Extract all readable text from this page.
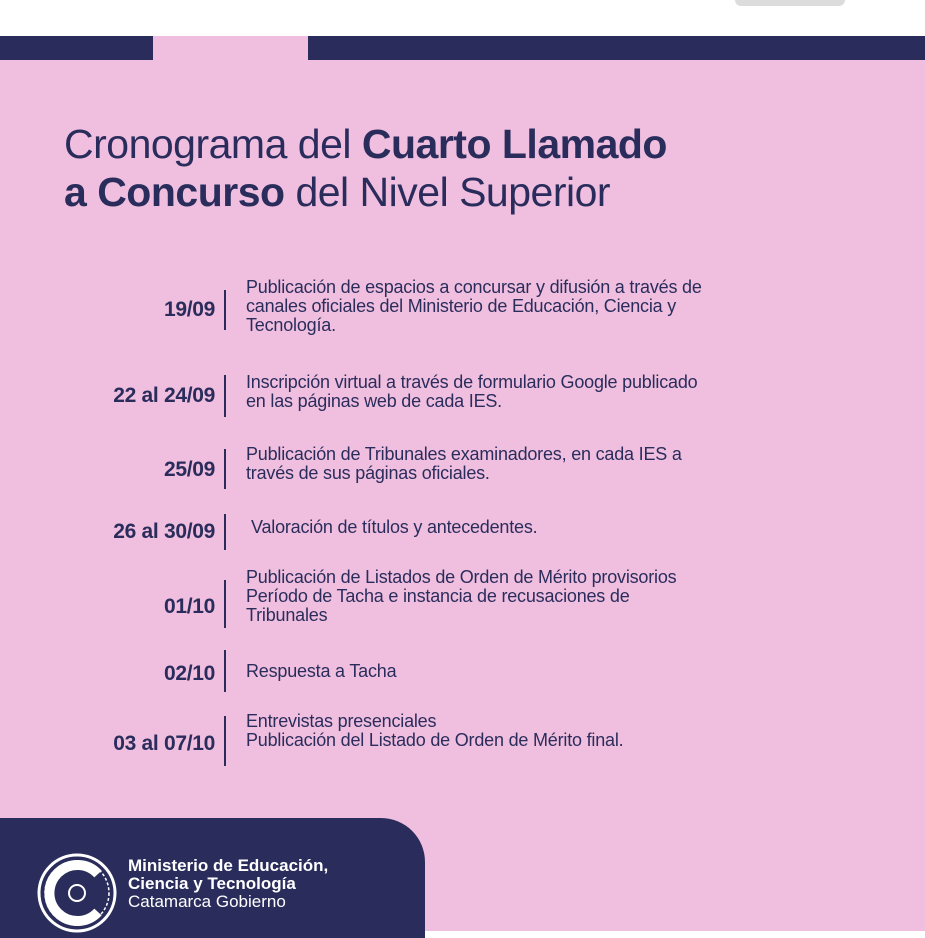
Cronograma del Cuarto Llamado
a Concurso del Nivel Superior
19/09
Publicación de espacios a concursar y difusión a través de
canales oficiales del Ministerio de Educación, Ciencia y
Tecnología.
22 al 24/09
Inscripción virtual a través de formulario Google publicado
en las páginas web de cada IES.
25/09
Publicación de Tribunales examinadores, en cada IES a
través de sus páginas oficiales.
26 al 30/09 Valoración de títulos y antecedentes.
01/10
Publicación de Listados de Orden de Mérito provisorios
Período de Tacha e instancia de recusaciones de
Tribunales
02/10 Respuesta a Tacha
03 al 07/10
Entrevistas presenciales
Publicación del Listado de Orden de Mérito final.
Ministerio de Educación,
Ciencia y Tecnología
Catamarca Gobierno
